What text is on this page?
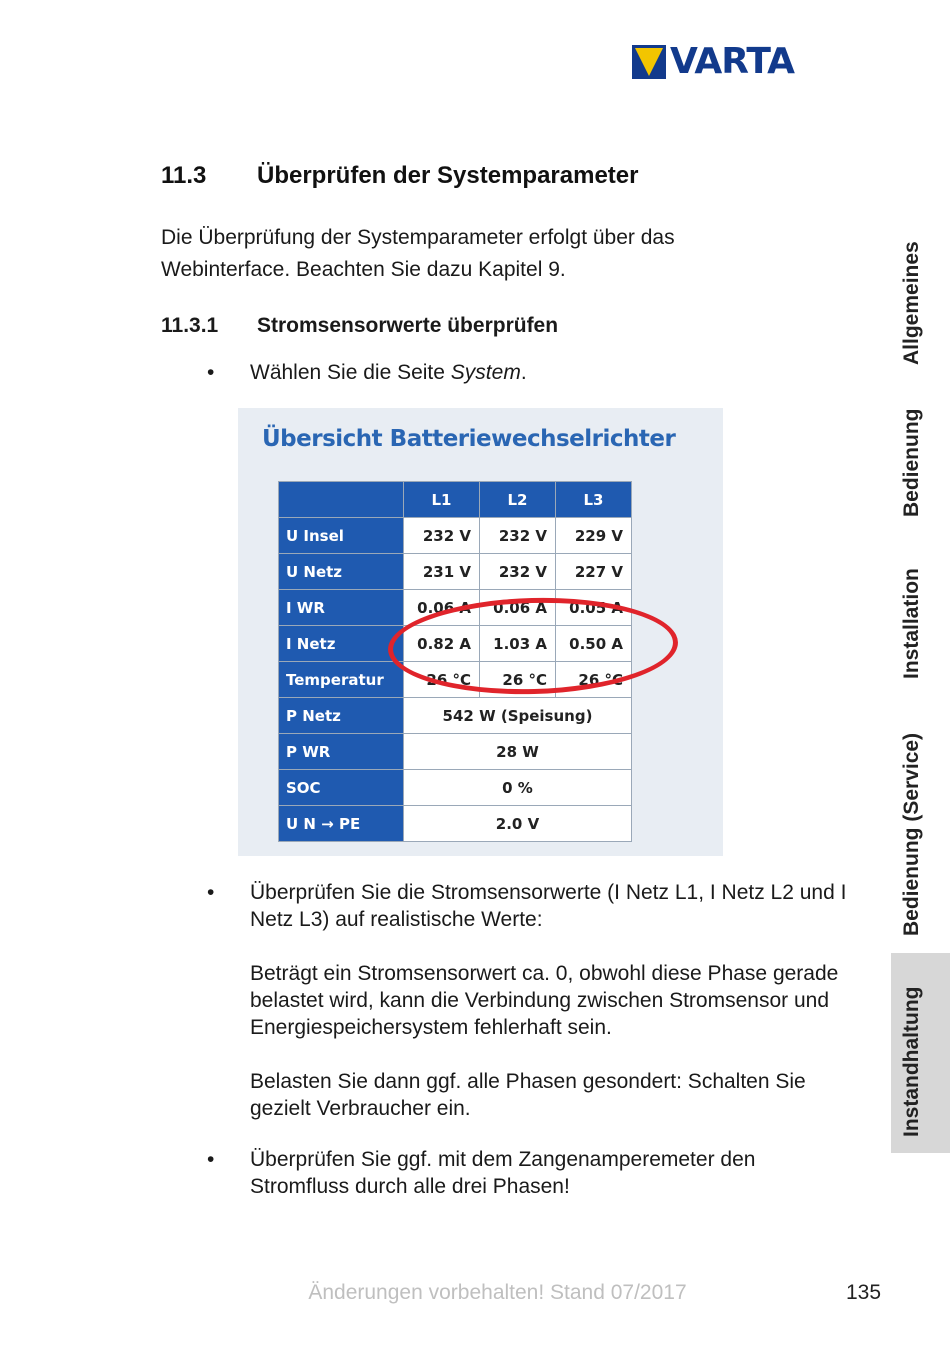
VARTA
11.3	Überprüfen der Systemparameter
Die Überprüfung der Systemparameter erfolgt über das Webinterface. Beachten Sie dazu Kapitel 9.
11.3.1	Stromsensorwerte überprüfen
• Wählen Sie die Seite System.
Übersicht Batteriewechselrichter
	L1	L2	L3
U Insel	232 V	232 V	229 V
U Netz	231 V	232 V	227 V
I WR	0.06 A	0.06 A	0.05 A
I Netz	0.82 A	1.03 A	0.50 A
Temperatur	26 °C	26 °C	26 °C
P Netz	542 W (Speisung)		
P WR	28 W		
SOC	0 %		
U N → PE	2.0 V		
• Überprüfen Sie die Stromsensorwerte (I Netz L1, I Netz L2 und I Netz L3) auf realistische Werte:

Beträgt ein Stromsensorwert ca. 0, obwohl diese Phase gerade belastet wird, kann die Verbindung zwischen Stromsensor und Energiespeichersystem fehlerhaft sein.

Belasten Sie dann ggf. alle Phasen gesondert: Schalten Sie gezielt Verbraucher ein.

• Überprüfen Sie ggf. mit dem Zangenamperemeter den Stromfluss durch alle drei Phasen!
Allgemeines
Bedienung
Installation
Bedienung (Service)
Instandhaltung
Änderungen vorbehalten! Stand 07/2017	135
